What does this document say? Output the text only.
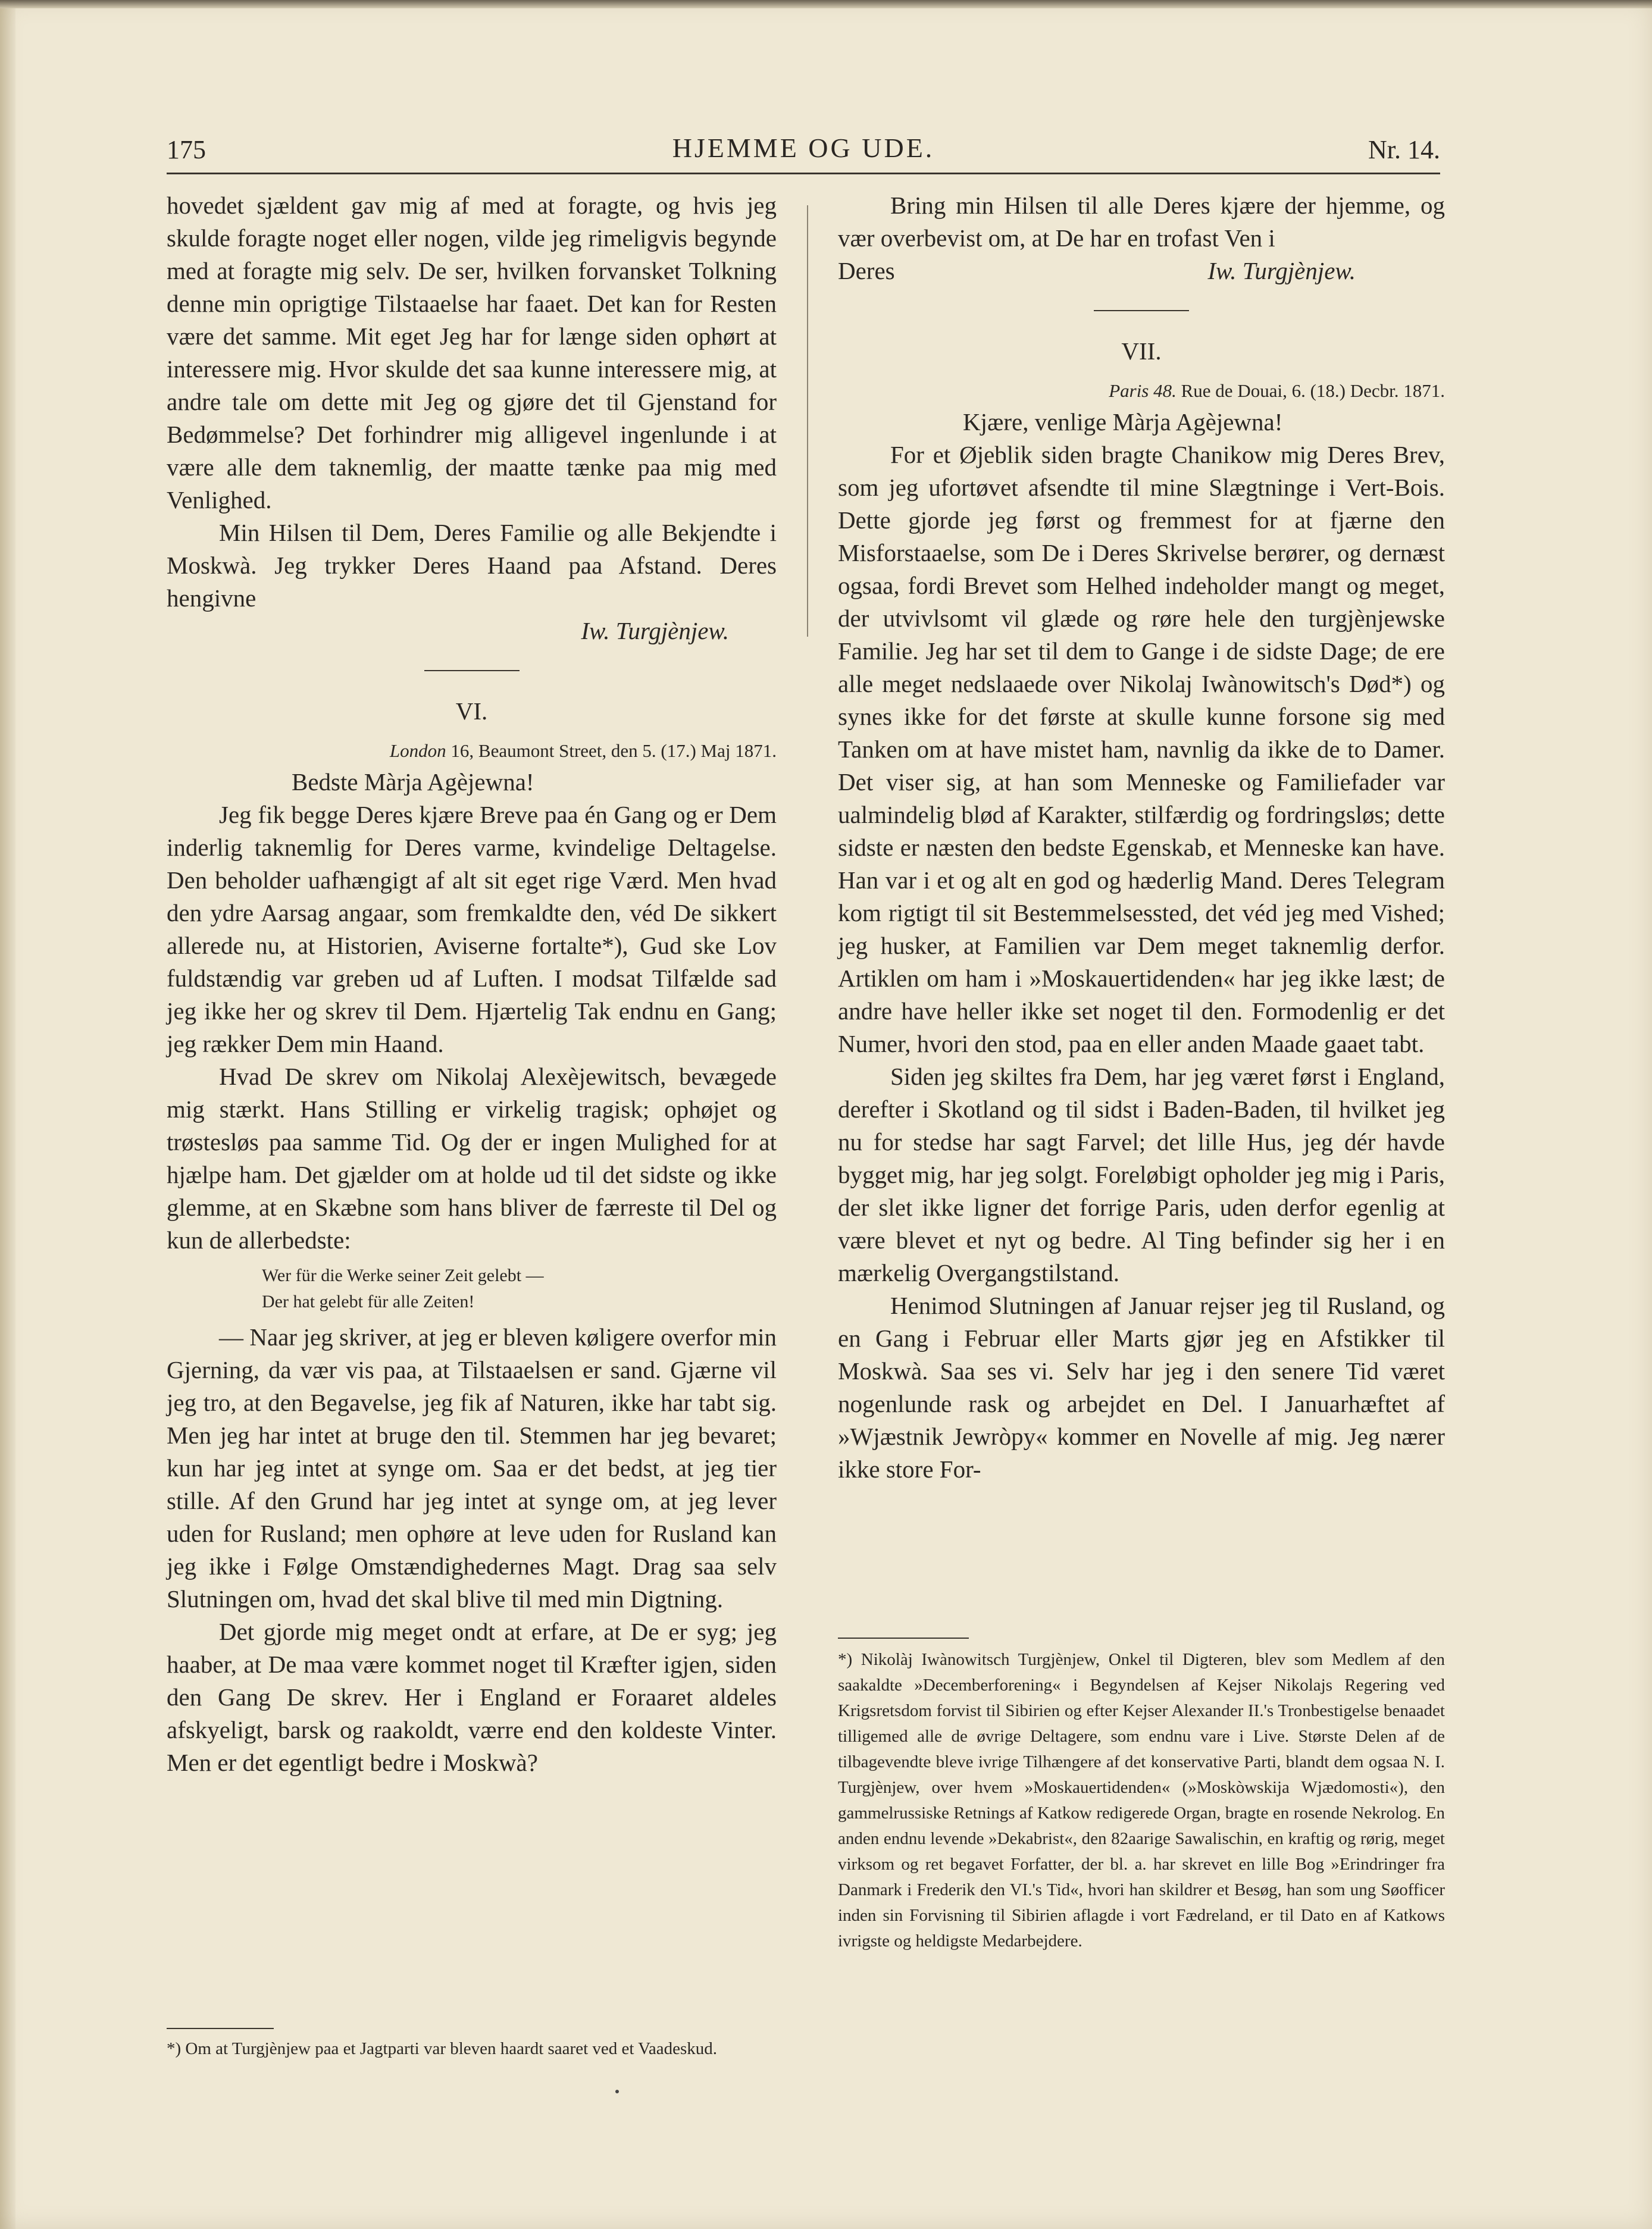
175	HJEMME OG UDE.	Nr. 14.

hovedet sjældent gav mig af med at foragte, og hvis jeg skulde foragte noget eller nogen, vilde jeg rimeligvis begynde med at foragte mig selv. De ser, hvilken forvansket Tolkning denne min oprigtige Tilstaaelse har faaet. Det kan for Resten være det samme. Mit eget Jeg har for længe siden ophørt at interessere mig. Hvor skulde det saa kunne interessere mig, at andre tale om dette mit Jeg og gjøre det til Gjenstand for Bedømmelse? Det forhindrer mig alligevel ingenlunde i at være alle dem taknemlig, der maatte tænke paa mig med Venlighed.

Min Hilsen til Dem, Deres Familie og alle Bekjendte i Moskwà. Jeg trykker Deres Haand paa Afstand. Deres hengivne

Iw. Turgjènjew.

VI.

London 16, Beaumont Street, den 5. (17.) Maj 1871.

Bedste Màrja Agèjewna!

Jeg fik begge Deres kjære Breve paa én Gang og er Dem inderlig taknemlig for Deres varme, kvindelige Deltagelse. Den beholder uafhængigt af alt sit eget rige Værd. Men hvad den ydre Aarsag angaar, som fremkaldte den, véd De sikkert allerede nu, at Historien, Aviserne fortalte*), Gud ske Lov fuldstændig var greben ud af Luften. I modsat Tilfælde sad jeg ikke her og skrev til Dem. Hjærtelig Tak endnu en Gang; jeg rækker Dem min Haand.

Hvad De skrev om Nikolaj Alexèjewitsch, bevægede mig stærkt. Hans Stilling er virkelig tragisk; ophøjet og trøstesløs paa samme Tid. Og der er ingen Mulighed for at hjælpe ham. Det gjælder om at holde ud til det sidste og ikke glemme, at en Skæbne som hans bliver de færreste til Del og kun de allerbedste:

Wer für die Werke seiner Zeit gelebt —
Der hat gelebt für alle Zeiten!

— Naar jeg skriver, at jeg er bleven køligere overfor min Gjerning, da vær vis paa, at Tilstaaelsen er sand. Gjærne vil jeg tro, at den Begavelse, jeg fik af Naturen, ikke har tabt sig. Men jeg har intet at bruge den til. Stemmen har jeg bevaret; kun har jeg intet at synge om. Saa er det bedst, at jeg tier stille. Af den Grund har jeg intet at synge om, at jeg lever uden for Rusland; men ophøre at leve uden for Rusland kan jeg ikke i Følge Omstændighedernes Magt. Drag saa selv Slutningen om, hvad det skal blive til med min Digtning.

Det gjorde mig meget ondt at erfare, at De er syg; jeg haaber, at De maa være kommet noget til Kræfter igjen, siden den Gang De skrev. Her i England er Foraaret aldeles afskyeligt, barsk og raakoldt, værre end den koldeste Vinter. Men er det egentligt bedre i Moskwà?

*) Om at Turgjènjew paa et Jagtparti var bleven haardt saaret ved et Vaadeskud.

Bring min Hilsen til alle Deres kjære der hjemme, og vær overbevist om, at De har en trofast Ven i

Deres	Iw. Turgjènjew.

VII.

Paris 48. Rue de Douai, 6. (18.) Decbr. 1871.

Kjære, venlige Màrja Agèjewna!

For et Øjeblik siden bragte Chanikow mig Deres Brev, som jeg ufortøvet afsendte til mine Slægtninge i Vert-Bois. Dette gjorde jeg først og fremmest for at fjærne den Misforstaaelse, som De i Deres Skrivelse berører, og dernæst ogsaa, fordi Brevet som Helhed indeholder mangt og meget, der utvivlsomt vil glæde og røre hele den turgjènjewske Familie. Jeg har set til dem to Gange i de sidste Dage; de ere alle meget nedslaaede over Nikolaj Iwànowitsch's Død*) og synes ikke for det første at skulle kunne forsone sig med Tanken om at have mistet ham, navnlig da ikke de to Damer. Det viser sig, at han som Menneske og Familiefader var ualmindelig blød af Karakter, stilfærdig og fordringsløs; dette sidste er næsten den bedste Egenskab, et Menneske kan have. Han var i et og alt en god og hæderlig Mand. Deres Telegram kom rigtigt til sit Bestemmelsessted, det véd jeg med Vished; jeg husker, at Familien var Dem meget taknemlig derfor. Artiklen om ham i »Moskauertidenden« har jeg ikke læst; de andre have heller ikke set noget til den. Formodenlig er det Numer, hvori den stod, paa en eller anden Maade gaaet tabt.

Siden jeg skiltes fra Dem, har jeg været først i England, derefter i Skotland og til sidst i Baden-Baden, til hvilket jeg nu for stedse har sagt Farvel; det lille Hus, jeg dér havde bygget mig, har jeg solgt. Foreløbigt opholder jeg mig i Paris, der slet ikke ligner det forrige Paris, uden derfor egenlig at være blevet et nyt og bedre. Al Ting befinder sig her i en mærkelig Overgangstilstand.

Henimod Slutningen af Januar rejser jeg til Rusland, og en Gang i Februar eller Marts gjør jeg en Afstikker til Moskwà. Saa ses vi. Selv har jeg i den senere Tid været nogenlunde rask og arbejdet en Del. I Januarhæftet af »Wjæstnik Jewròpy« kommer en Novelle af mig. Jeg nærer ikke store For-

*) Nikolàj Iwànowitsch Turgjènjew, Onkel til Digteren, blev som Medlem af den saakaldte »Decemberforening« i Begyndelsen af Kejser Nikolajs Regering ved Krigsretsdom forvist til Sibirien og efter Kejser Alexander II.'s Tronbestigelse benaadet tilligemed alle de øvrige Deltagere, som endnu vare i Live. Største Delen af de tilbagevendte bleve ivrige Tilhængere af det konservative Parti, blandt dem ogsaa N. I. Turgjènjew, over hvem »Moskauertidenden« (»Moskòwskija Wjædomosti«), den gammelrussiske Retnings af Katkow redigerede Organ, bragte en rosende Nekrolog. En anden endnu levende »Dekabrist«, den 82aarige Sawalischin, en kraftig og rørig, meget virksom og ret begavet Forfatter, der bl. a. har skrevet en lille Bog »Erindringer fra Danmark i Frederik den VI.'s Tid«, hvori han skildrer et Besøg, han som ung Søofficer inden sin Forvisning til Sibirien aflagde i vort Fædreland, er til Dato en af Katkows ivrigste og heldigste Medarbejdere.
